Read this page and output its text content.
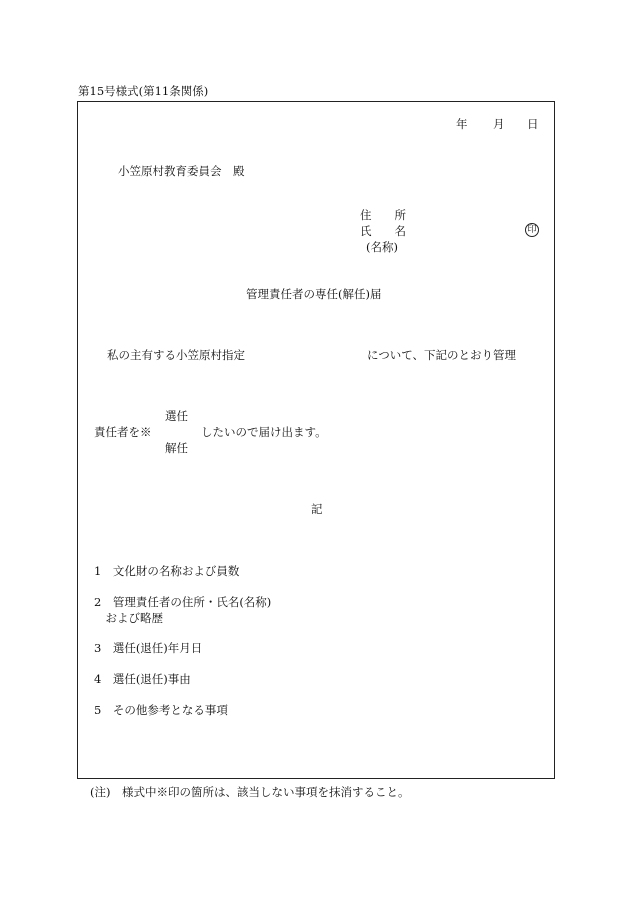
第15号様式(第11条関係)
年 月 日
小笠原村教育委員会　殿
住　　所
氏　　名
(名称)
印
管理責任者の専任(解任)届
私の主有する小笠原村指定	について、下記のとおり管理
選任
責任者を※	したいので届け出ます。
解任
記
1　文化財の名称および員数
2　管理責任者の住所・氏名(名称)
　および略歴
3　選任(退任)年月日
4　選任(退任)事由
5　その他参考となる事項
(注)　様式中※印の箇所は、該当しない事項を抹消すること。
